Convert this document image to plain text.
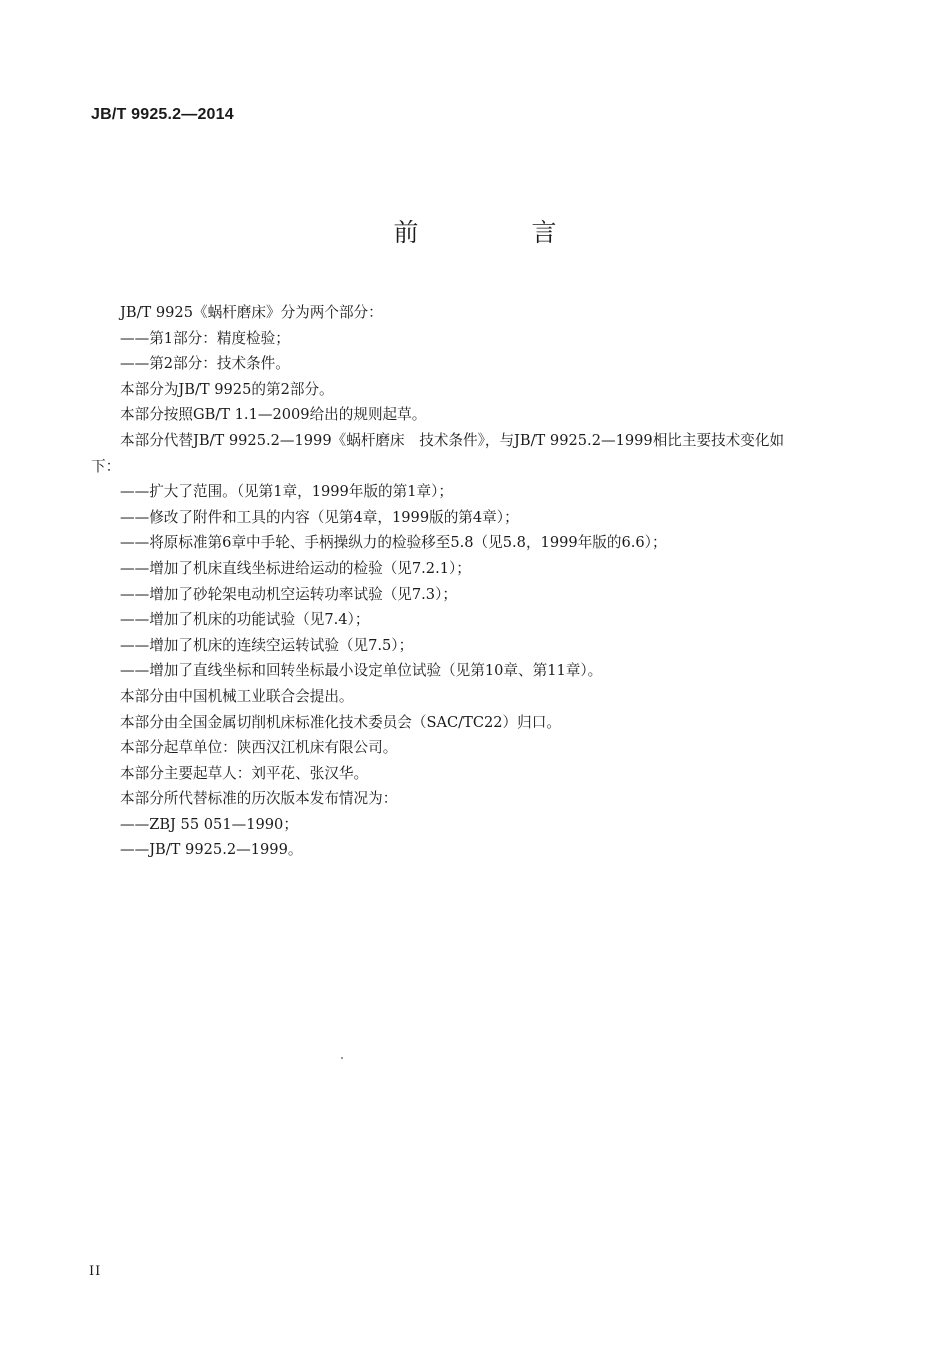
JB/T 9925.2—2014
前　言
JB/T 9925《蜗杆磨床》分为两个部分：
——第1部分：精度检验；
——第2部分：技术条件。
本部分为JB/T 9925的第2部分。
本部分按照GB/T 1.1—2009给出的规则起草。
本部分代替JB/T 9925.2—1999《蜗杆磨床　技术条件》，与JB/T 9925.2—1999相比主要技术变化如
下：
——扩大了范围。（见第1章，1999年版的第1章）；
——修改了附件和工具的内容（见第4章，1999版的第4章）；
——将原标准第6章中手轮、手柄操纵力的检验移至5.8（见5.8，1999年版的6.6）；
——增加了机床直线坐标进给运动的检验（见7.2.1）；
——增加了砂轮架电动机空运转功率试验（见7.3）；
——增加了机床的功能试验（见7.4）；
——增加了机床的连续空运转试验（见7.5）；
——增加了直线坐标和回转坐标最小设定单位试验（见第10章、第11章）。
本部分由中国机械工业联合会提出。
本部分由全国金属切削机床标准化技术委员会（SAC/TC22）归口。
本部分起草单位：陕西汉江机床有限公司。
本部分主要起草人：刘平花、张汉华。
本部分所代替标准的历次版本发布情况为：
——ZBJ 55 051—1990；
——JB/T 9925.2—1999。
II
